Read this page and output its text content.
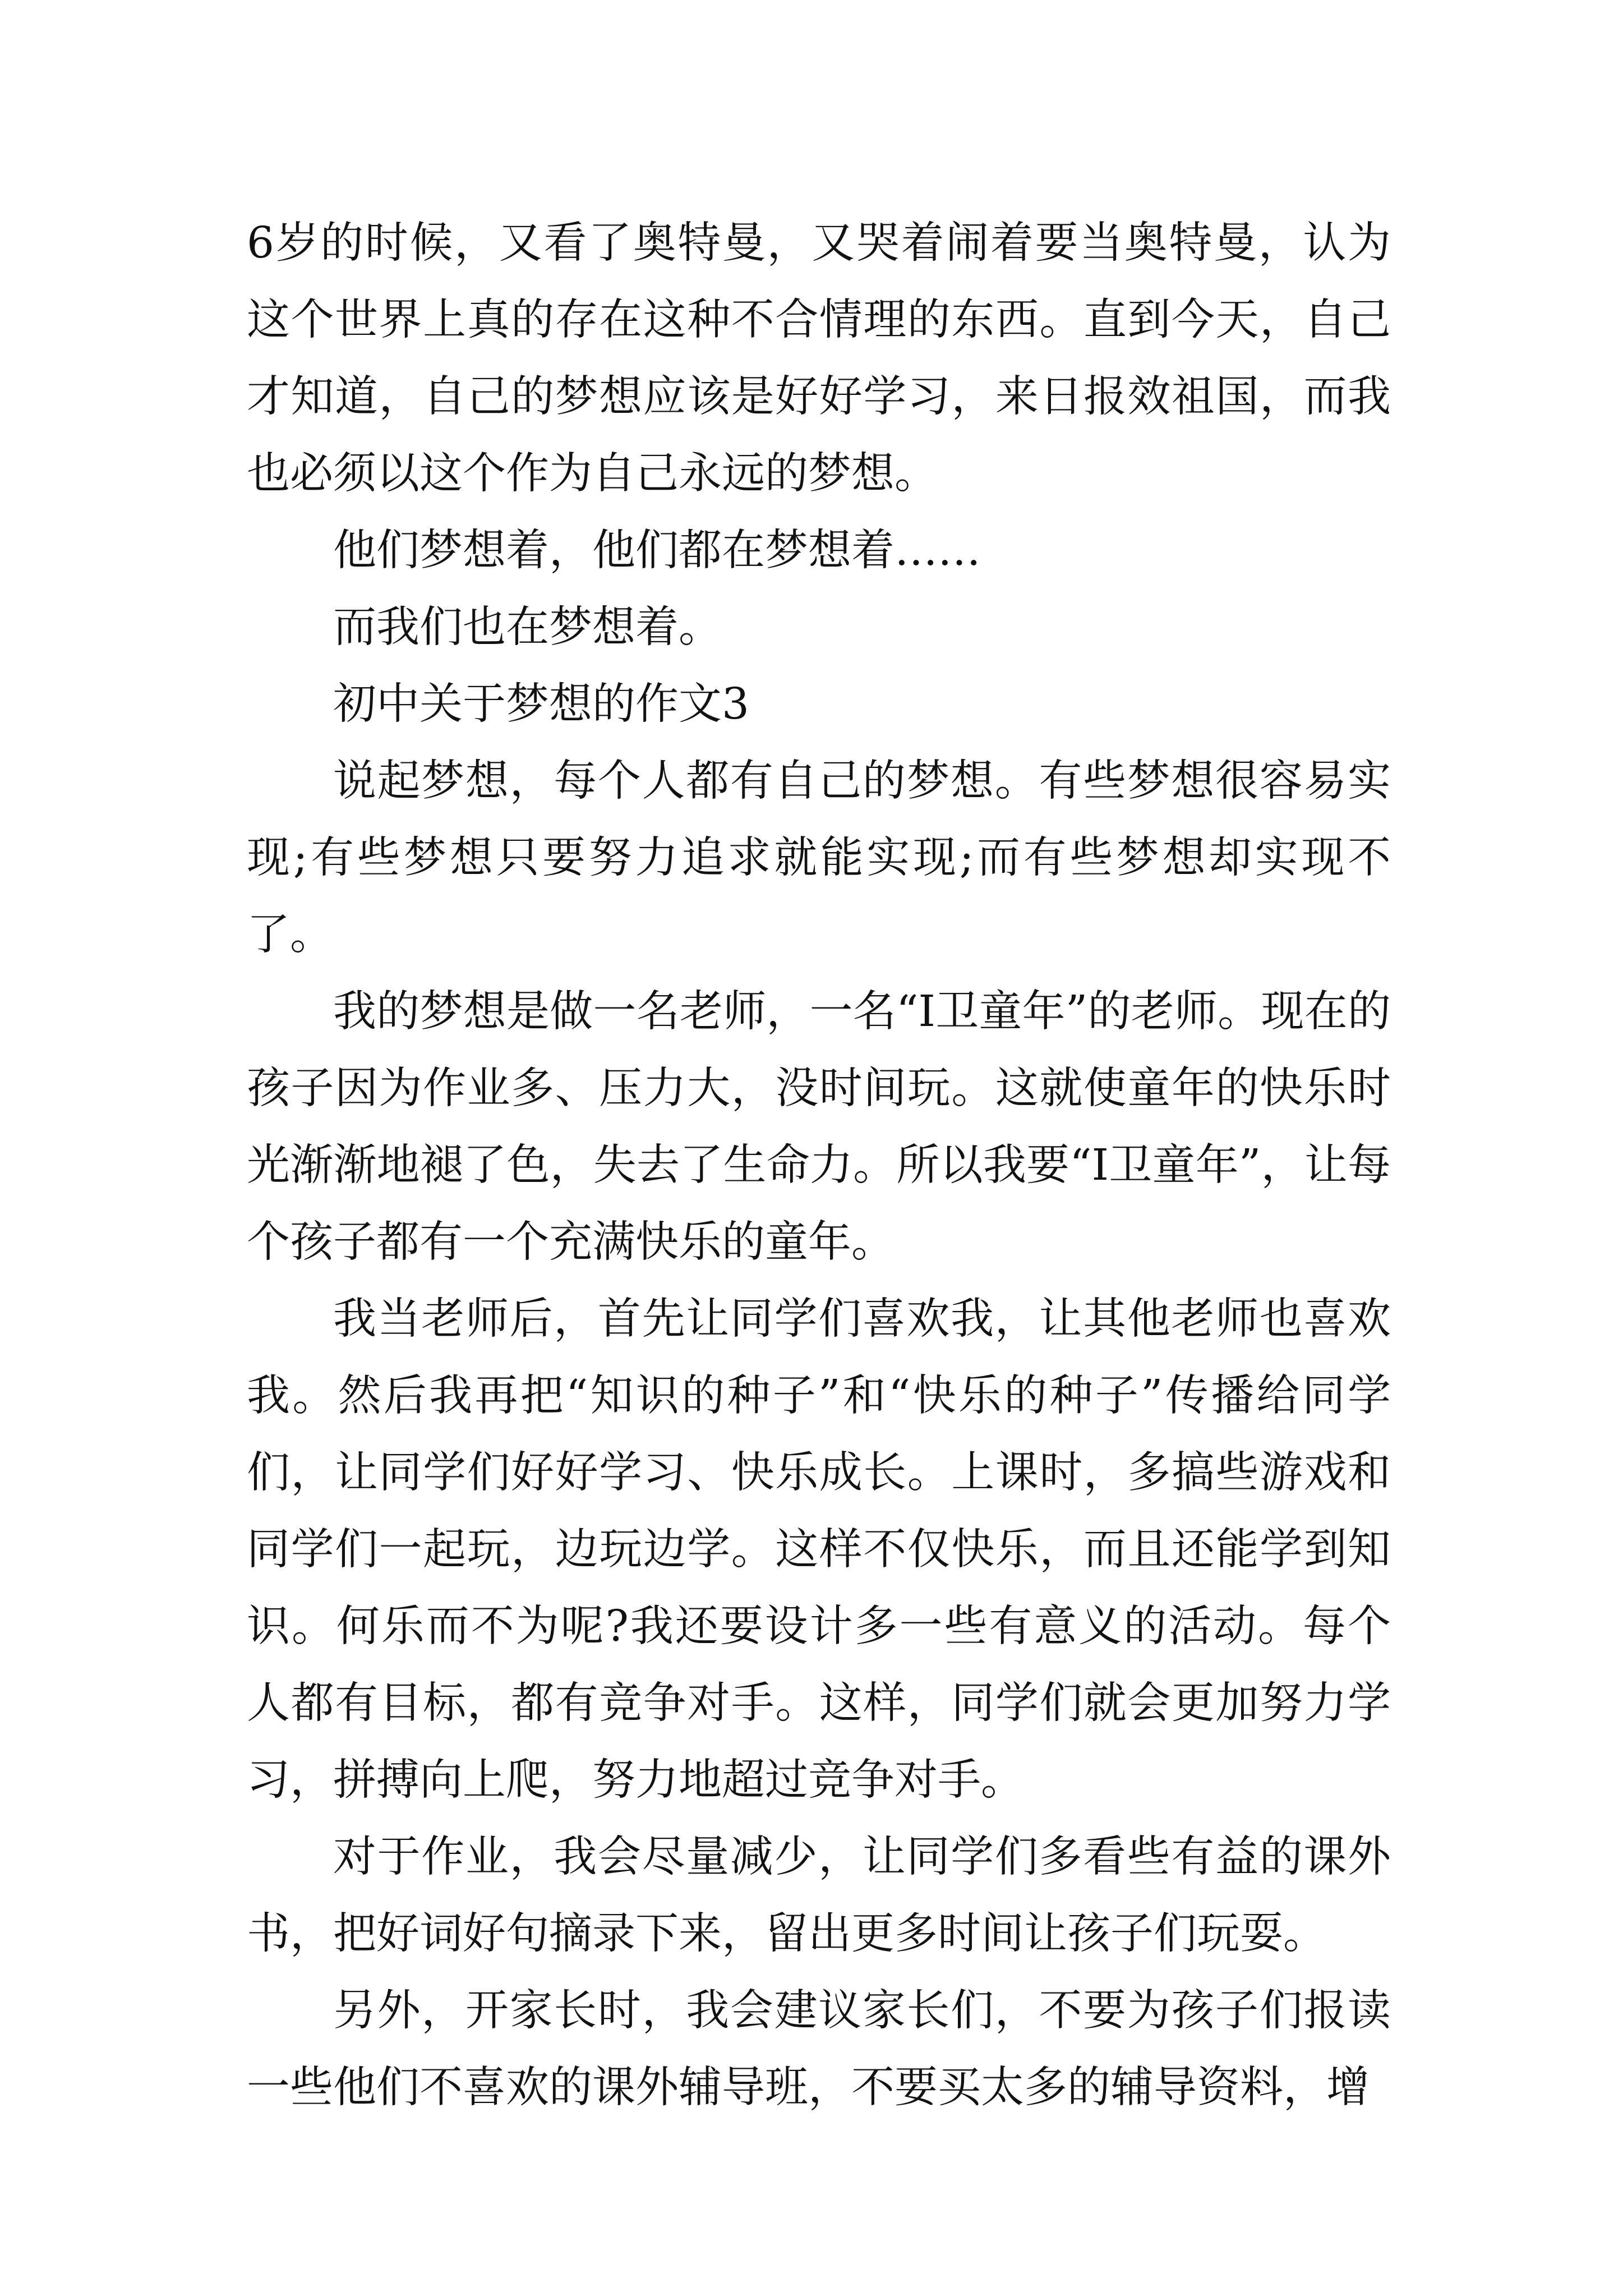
6岁的时候，又看了奥特曼，又哭着闹着要当奥特曼，认为这个世界上真的存在这种不合情理的东西。直到今天，自己才知道，自己的梦想应该是好好学习，来日报效祖国，而我也必须以这个作为自己永远的梦想。

他们梦想着，他们都在梦想着……

而我们也在梦想着。

初中关于梦想的作文3

说起梦想，每个人都有自己的梦想。有些梦想很容易实现;有些梦想只要努力追求就能实现;而有些梦想却实现不了。

我的梦想是做一名老师，一名“I卫童年”的老师。现在的孩子因为作业多、压力大，没时间玩。这就使童年的快乐时光渐渐地褪了色，失去了生命力。所以我要“I卫童年”，让每个孩子都有一个充满快乐的童年。

我当老师后，首先让同学们喜欢我，让其他老师也喜欢我。然后我再把“知识的种子”和“快乐的种子”传播给同学们，让同学们好好学习、快乐成长。上课时，多搞些游戏和同学们一起玩，边玩边学。这样不仅快乐，而且还能学到知识。何乐而不为呢?我还要设计多一些有意义的活动。每个人都有目标，都有竞争对手。这样，同学们就会更加努力学习，拼搏向上爬，努力地超过竞争对手。

对于作业，我会尽量减少，让同学们多看些有益的课外书，把好词好句摘录下来，留出更多时间让孩子们玩耍。

另外，开家长时，我会建议家长们，不要为孩子们报读一些他们不喜欢的课外辅导班，不要买太多的辅导资料，增
